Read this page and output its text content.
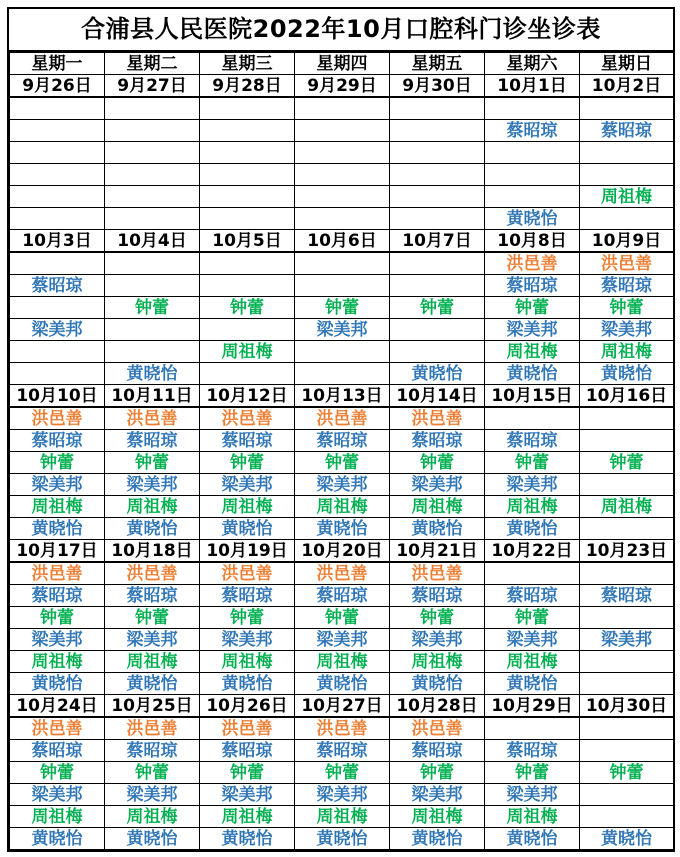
合浦县人民医院2022年10月口腔科门诊坐诊表
星期一	星期二	星期三	星期四	星期五	星期六	星期日
9月26日	9月27日	9月28日	9月29日	9月30日	10月1日	10月2日

					蔡昭琼	蔡昭琼

						周祖梅
					黄晓怡	
10月3日	10月4日	10月5日	10月6日	10月7日	10月8日	10月9日
					洪邑善	洪邑善
蔡昭琼					蔡昭琼	蔡昭琼
	钟蕾	钟蕾	钟蕾	钟蕾	钟蕾	钟蕾
梁美邦			梁美邦		梁美邦	梁美邦
		周祖梅			周祖梅	周祖梅
	黄晓怡			黄晓怡	黄晓怡	黄晓怡
10月10日	10月11日	10月12日	10月13日	10月14日	10月15日	10月16日
洪邑善	洪邑善	洪邑善	洪邑善	洪邑善		
蔡昭琼	蔡昭琼	蔡昭琼	蔡昭琼	蔡昭琼	蔡昭琼	
钟蕾	钟蕾	钟蕾	钟蕾	钟蕾	钟蕾	钟蕾
梁美邦	梁美邦	梁美邦	梁美邦	梁美邦	梁美邦	
周祖梅	周祖梅	周祖梅	周祖梅	周祖梅	周祖梅	周祖梅
黄晓怡	黄晓怡	黄晓怡	黄晓怡	黄晓怡	黄晓怡	
10月17日	10月18日	10月19日	10月20日	10月21日	10月22日	10月23日
洪邑善	洪邑善	洪邑善	洪邑善	洪邑善		
蔡昭琼	蔡昭琼	蔡昭琼	蔡昭琼	蔡昭琼	蔡昭琼	蔡昭琼
钟蕾	钟蕾	钟蕾	钟蕾	钟蕾	钟蕾	
梁美邦	梁美邦	梁美邦	梁美邦	梁美邦	梁美邦	梁美邦
周祖梅	周祖梅	周祖梅	周祖梅	周祖梅	周祖梅	
黄晓怡	黄晓怡	黄晓怡	黄晓怡	黄晓怡	黄晓怡	
10月24日	10月25日	10月26日	10月27日	10月28日	10月29日	10月30日
洪邑善	洪邑善	洪邑善	洪邑善	洪邑善		
蔡昭琼	蔡昭琼	蔡昭琼	蔡昭琼	蔡昭琼	蔡昭琼	
钟蕾	钟蕾	钟蕾	钟蕾	钟蕾	钟蕾	钟蕾
梁美邦	梁美邦	梁美邦	梁美邦	梁美邦	梁美邦	
周祖梅	周祖梅	周祖梅	周祖梅	周祖梅	周祖梅	
黄晓怡	黄晓怡	黄晓怡	黄晓怡	黄晓怡	黄晓怡	黄晓怡
